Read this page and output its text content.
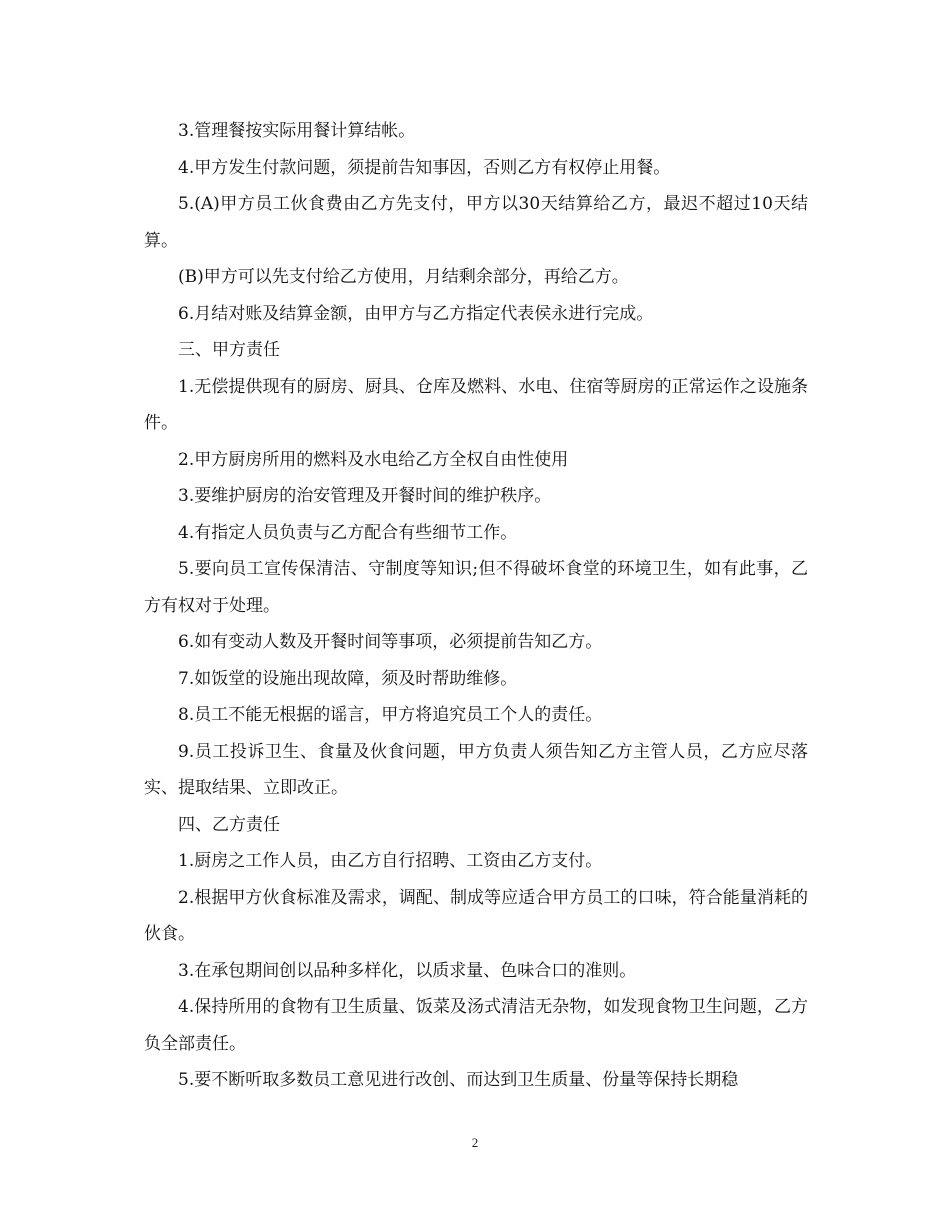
3.管理餐按实际用餐计算结帐。

4.甲方发生付款问题，须提前告知事因，否则乙方有权停止用餐。

5.(A)甲方员工伙食费由乙方先支付，甲方以30天结算给乙方，最迟不超过10天结算。

(B)甲方可以先支付给乙方使用，月结剩余部分，再给乙方。

6.月结对账及结算金额，由甲方与乙方指定代表侯永进行完成。

三、甲方责任

1.无偿提供现有的厨房、厨具、仓库及燃料、水电、住宿等厨房的正常运作之设施条件。

2.甲方厨房所用的燃料及水电给乙方全权自由性使用

3.要维护厨房的治安管理及开餐时间的维护秩序。

4.有指定人员负责与乙方配合有些细节工作。

5.要向员工宣传保清洁、守制度等知识;但不得破坏食堂的环境卫生，如有此事，乙方有权对于处理。

6.如有变动人数及开餐时间等事项，必须提前告知乙方。

7.如饭堂的设施出现故障，须及时帮助维修。

8.员工不能无根据的谣言，甲方将追究员工个人的责任。

9.员工投诉卫生、食量及伙食问题，甲方负责人须告知乙方主管人员，乙方应尽落实、提取结果、立即改正。

四、乙方责任

1.厨房之工作人员，由乙方自行招聘、工资由乙方支付。

2.根据甲方伙食标准及需求，调配、制成等应适合甲方员工的口味，符合能量消耗的伙食。

3.在承包期间创以品种多样化，以质求量、色味合口的准则。

4.保持所用的食物有卫生质量、饭菜及汤式清洁无杂物，如发现食物卫生问题，乙方负全部责任。

5.要不断听取多数员工意见进行改创、而达到卫生质量、份量等保持长期稳

2
